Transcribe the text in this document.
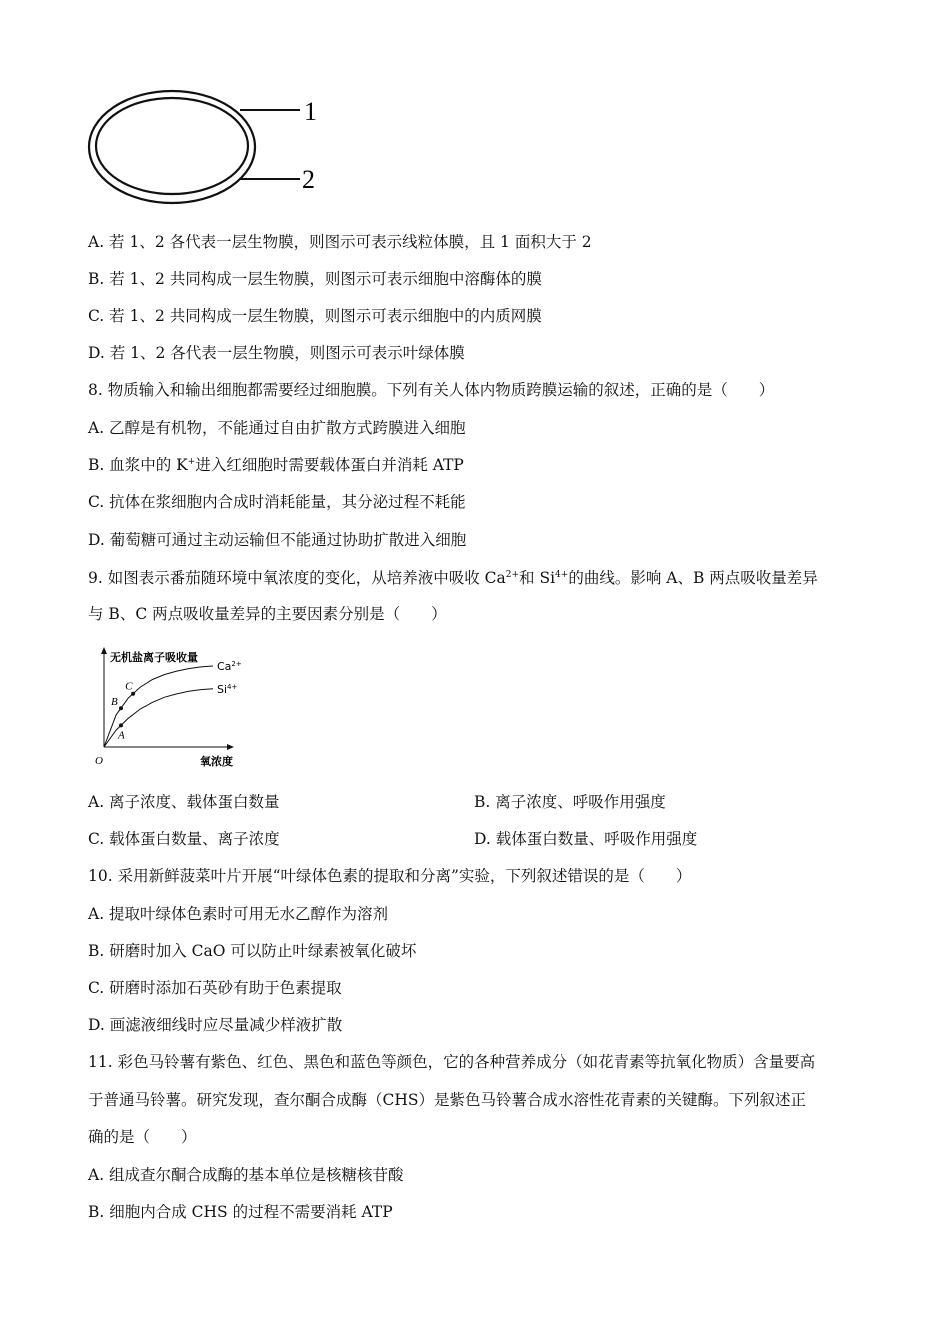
1
2
A. 若 1、2 各代表一层生物膜，则图示可表示线粒体膜，且 1 面积大于 2
B. 若 1、2 共同构成一层生物膜，则图示可表示细胞中溶酶体的膜
C. 若 1、2 共同构成一层生物膜，则图示可表示细胞中的内质网膜
D. 若 1、2 各代表一层生物膜，则图示可表示叶绿体膜
8. 物质输入和输出细胞都需要经过细胞膜。下列有关人体内物质跨膜运输的叙述，正确的是（　　）
A. 乙醇是有机物，不能通过自由扩散方式跨膜进入细胞
B. 血浆中的 K+进入红细胞时需要载体蛋白并消耗 ATP
C. 抗体在浆细胞内合成时消耗能量，其分泌过程不耗能
D. 葡萄糖可通过主动运输但不能通过协助扩散进入细胞
9. 如图表示番茄随环境中氧浓度的变化，从培养液中吸收 $Ca^{2+}$和 $Si^{4+}$的曲线。影响 A、B 两点吸收量差异
与 B、C 两点吸收量差异的主要因素分别是（　　）
无机盐离子吸收量
氧浓度
O
$Ca^{2+}$
$Si^{4+}$
A
B
C
A. 离子浓度、载体蛋白数量	B. 离子浓度、呼吸作用强度
C. 载体蛋白数量、离子浓度	D. 载体蛋白数量、呼吸作用强度
10. 采用新鲜菠菜叶片开展“叶绿体色素的提取和分离”实验，下列叙述错误的是（　　）
A. 提取叶绿体色素时可用无水乙醇作为溶剂
B. 研磨时加入 CaO 可以防止叶绿素被氧化破坏
C. 研磨时添加石英砂有助于色素提取
D. 画滤液细线时应尽量减少样液扩散
11. 彩色马铃薯有紫色、红色、黑色和蓝色等颜色，它的各种营养成分（如花青素等抗氧化物质）含量要高
于普通马铃薯。研究发现，查尔酮合成酶（CHS）是紫色马铃薯合成水溶性花青素的关键酶。下列叙述正
确的是（　　）
A. 组成查尔酮合成酶的基本单位是核糖核苷酸
B. 细胞内合成 CHS 的过程不需要消耗 ATP
